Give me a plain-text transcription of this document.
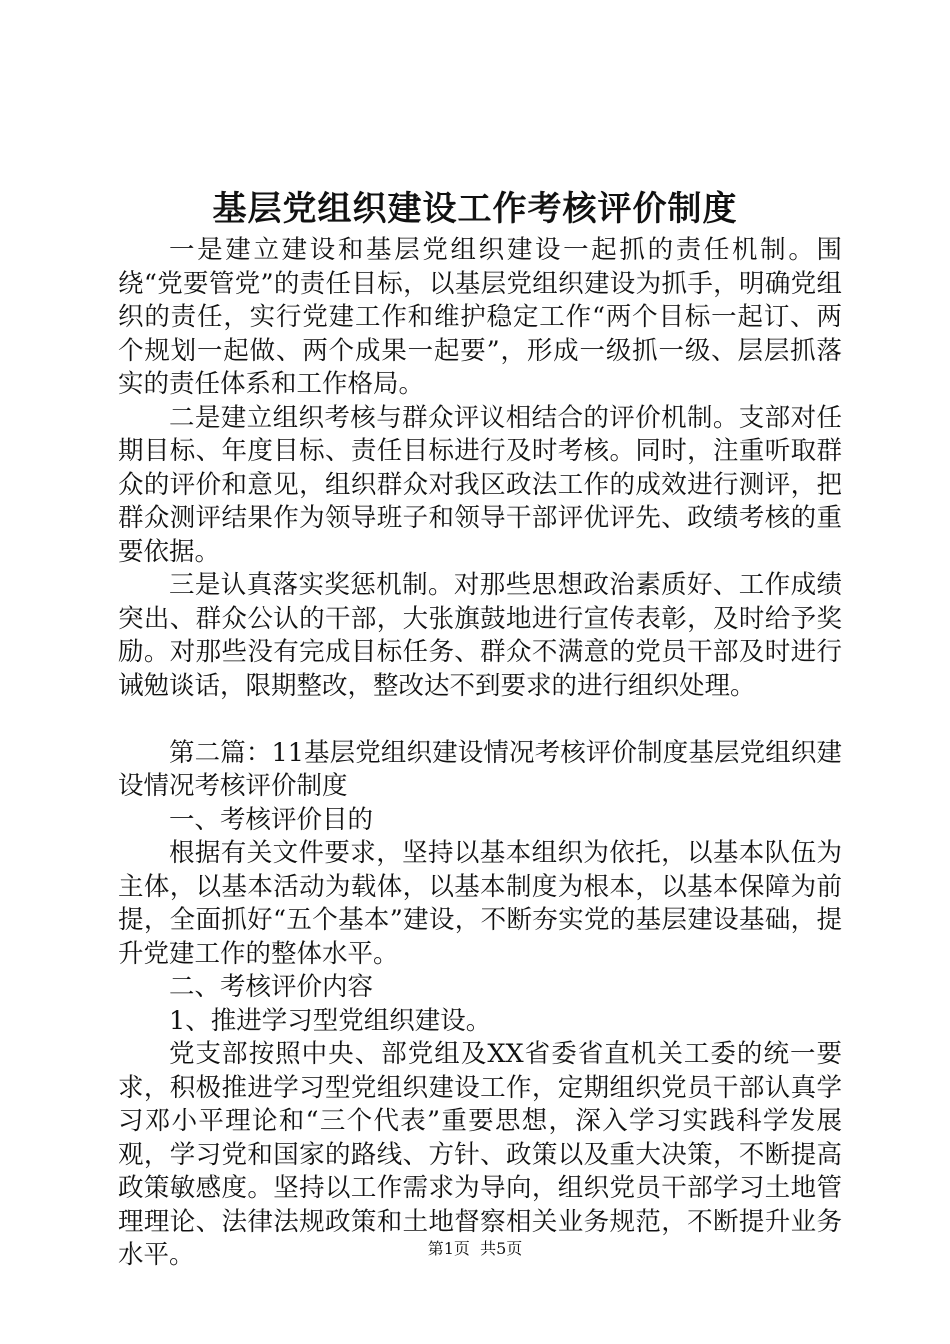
基层党组织建设工作考核评价制度

一是建立建设和基层党组织建设一起抓的责任机制。围绕“党要管党”的责任目标，以基层党组织建设为抓手，明确党组织的责任，实行党建工作和维护稳定工作“两个目标一起订、两个规划一起做、两个成果一起要”，形成一级抓一级、层层抓落实的责任体系和工作格局。

二是建立组织考核与群众评议相结合的评价机制。支部对任期目标、年度目标、责任目标进行及时考核。同时，注重听取群众的评价和意见，组织群众对我区政法工作的成效进行测评，把群众测评结果作为领导班子和领导干部评优评先、政绩考核的重要依据。

三是认真落实奖惩机制。对那些思想政治素质好、工作成绩突出、群众公认的干部，大张旗鼓地进行宣传表彰，及时给予奖励。对那些没有完成目标任务、群众不满意的党员干部及时进行诫勉谈话，限期整改，整改达不到要求的进行组织处理。

第二篇：11基层党组织建设情况考核评价制度基层党组织建设情况考核评价制度

一、考核评价目的

根据有关文件要求，坚持以基本组织为依托，以基本队伍为主体，以基本活动为载体，以基本制度为根本，以基本保障为前提，全面抓好“五个基本”建设，不断夯实党的基层建设基础，提升党建工作的整体水平。

二、考核评价内容

1、推进学习型党组织建设。

党支部按照中央、部党组及XX省委省直机关工委的统一要求，积极推进学习型党组织建设工作，定期组织党员干部认真学习邓小平理论和“三个代表”重要思想，深入学习实践科学发展观，学习党和国家的路线、方针、政策以及重大决策，不断提高政策敏感度。坚持以工作需求为导向，组织党员干部学习土地管理理论、法律法规政策和土地督察相关业务规范，不断提升业务水平。	第1页 共5页
